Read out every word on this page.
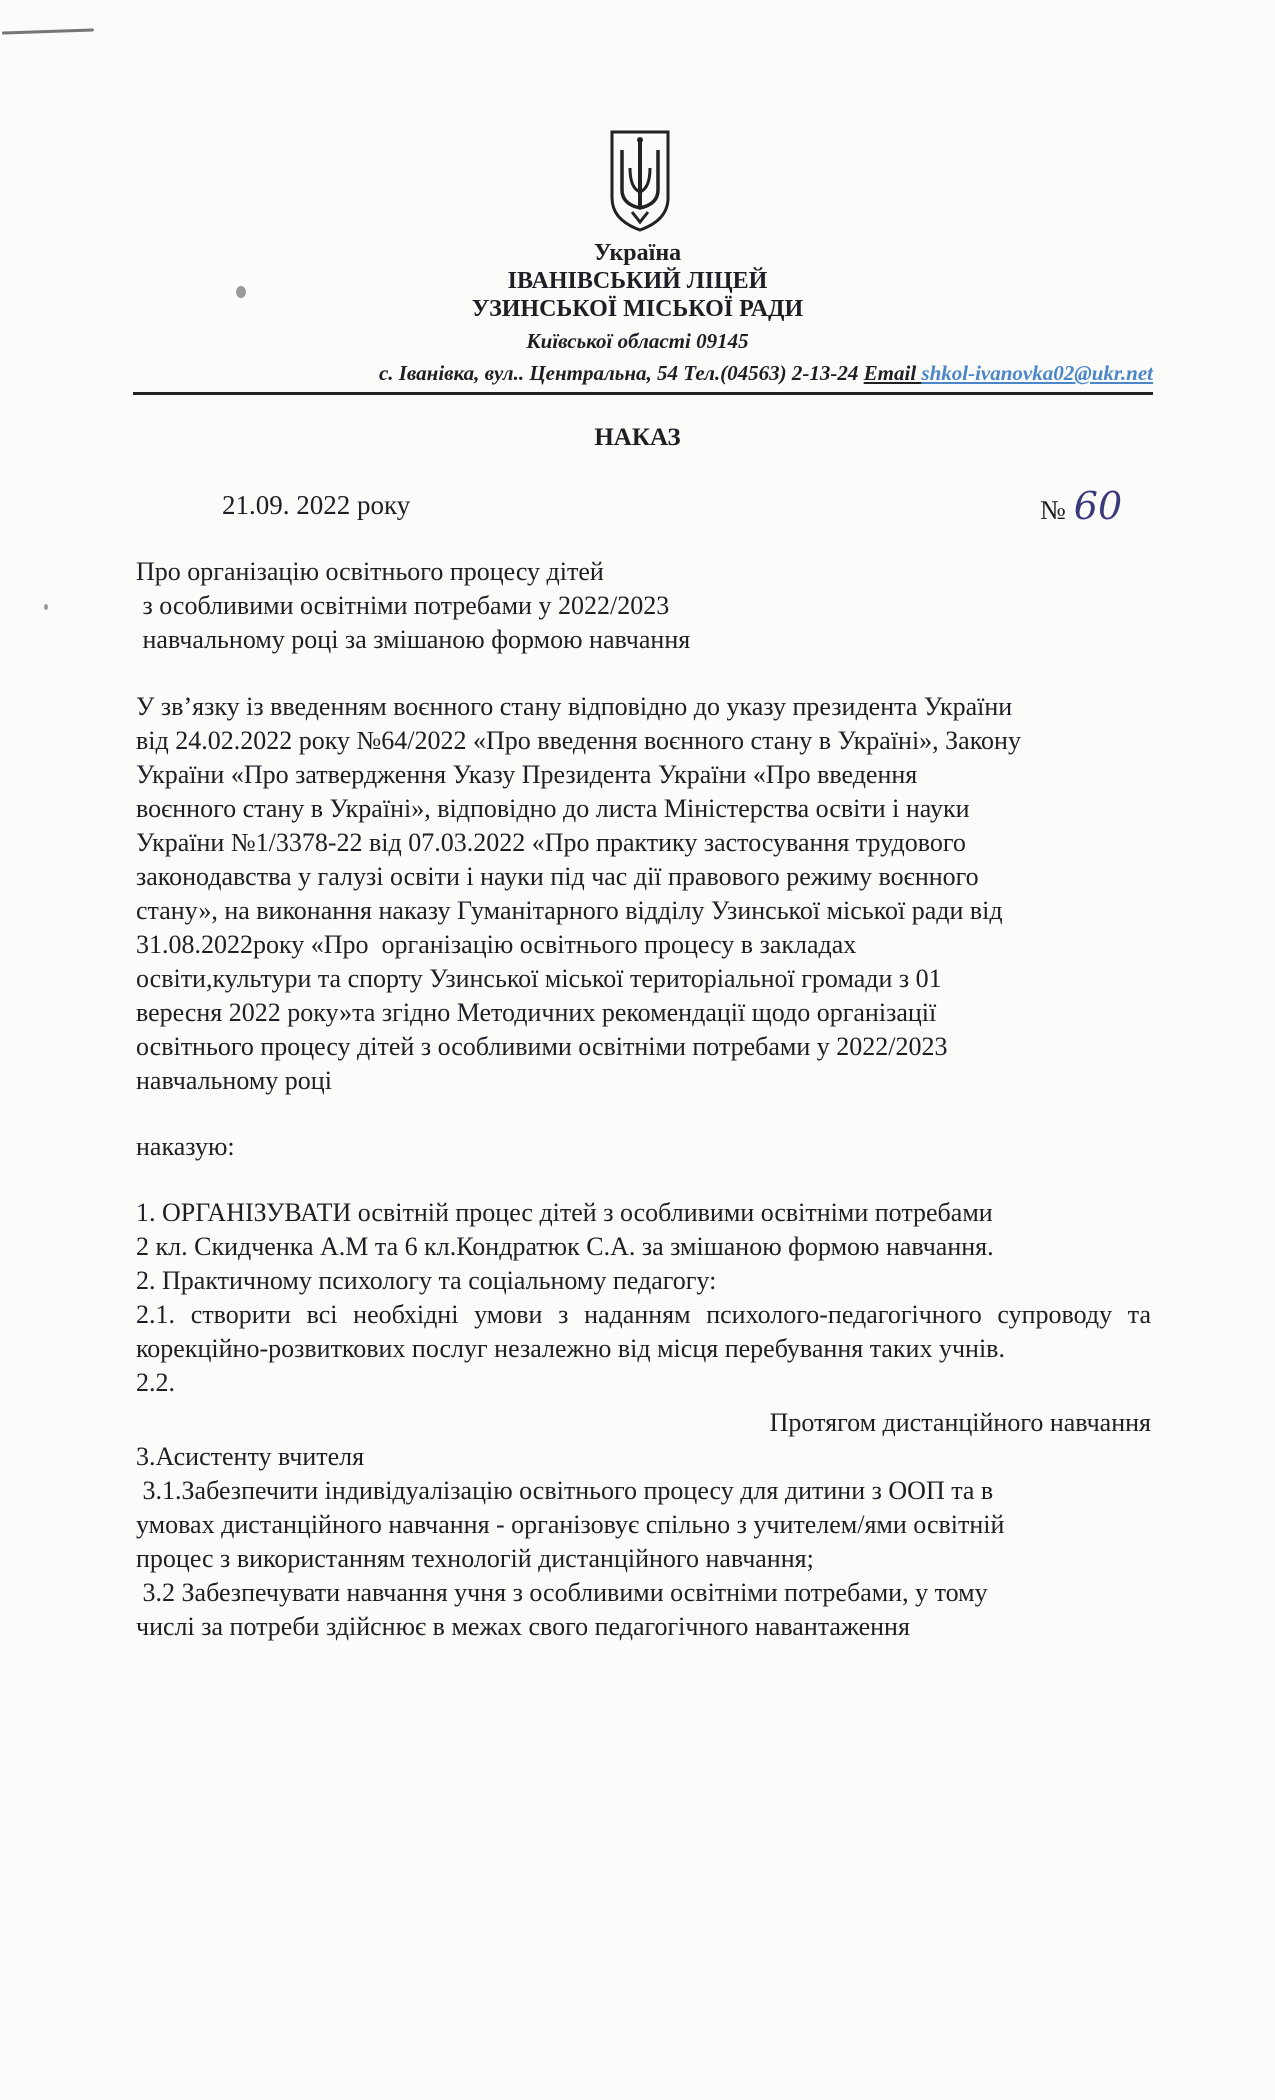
Україна
ІВАНІВСЬКИЙ ЛІЦЕЙ
УЗИНСЬКОЇ МІСЬКОЇ РАДИ
Київської області 09145
с. Іванівка, вул.. Центральна, 54 Тел.(04563) 2-13-24 Email shkol-ivanovka02@ukr.net
НАКАЗ
21.09. 2022 року	№ 60
Про організацію освітнього процесу дітей
з особливими освітніми потребами у 2022/2023
навчальному році за змішаною формою навчання
У зв’язку із введенням воєнного стану відповідно до указу президента України
від 24.02.2022 року №64/2022 «Про введення воєнного стану в Україні», Закону
України «Про затвердження Указу Президента України «Про введення
воєнного стану в Україні», відповідно до листа Міністерства освіти і науки
України №1/3378-22 від 07.03.2022 «Про практику застосування трудового
законодавства у галузі освіти і науки під час дії правового режиму воєнного
стану», на виконання наказу Гуманітарного відділу Узинської міської ради від
31.08.2022року «Про  організацію освітнього процесу в закладах
освіти,культури та спорту Узинської міської територіальної громади з 01
вересня 2022 року»та згідно Методичних рекомендації щодо організації
освітнього процесу дітей з особливими освітніми потребами у 2022/2023
навчальному році
наказую:
1. ОРГАНІЗУВАТИ освітній процес дітей з особливими освітніми потребами
2 кл. Скидченка А.М та 6 кл.Кондратюк С.А. за змішаною формою навчання.
2. Практичному психологу та соціальному педагогу:
2.1. створити всі необхідні умови з наданням психолого-педагогічного супроводу та корекційно-розвиткових послуг незалежно від місця перебування таких учнів.
2.2.
Протягом дистанційного навчання
3.Асистенту вчителя
3.1.Забезпечити індивідуалізацію освітнього процесу для дитини з ООП та в
умовах дистанційного навчання - організовує спільно з учителем/ями освітній
процес з використанням технологій дистанційного навчання;
3.2 Забезпечувати навчання учня з особливими освітніми потребами, у тому
числі за потреби здійснює в межах свого педагогічного навантаження
